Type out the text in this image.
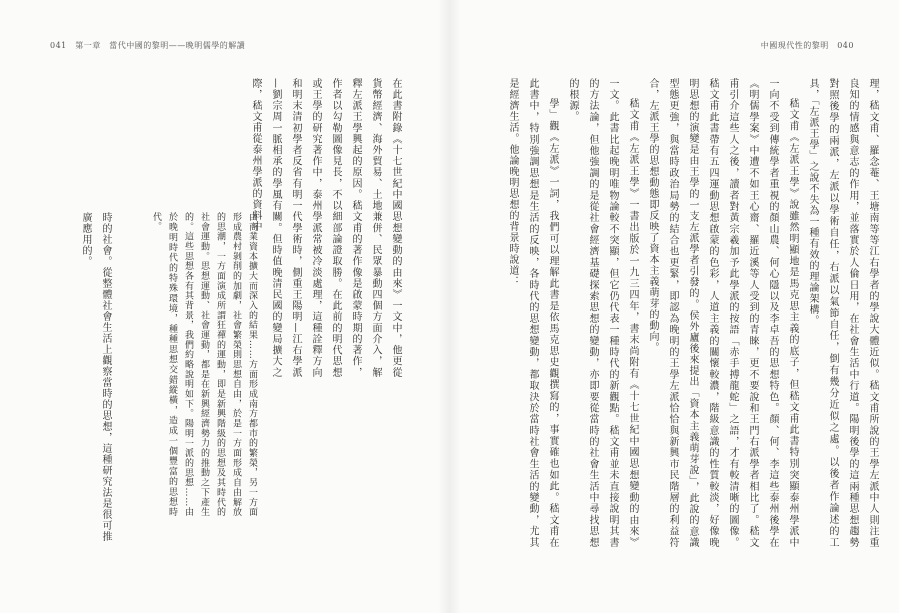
041　第一章　當代中國的黎明——晚明儒學的解讀

在此書附錄《十七世紀中國思想變動的由來》一文中，他更從貨幣經濟、海外貿易、土地兼併、民眾暴動四個方面介入，解釋左派王學興起的原因。嵇文甫的著作像是啟蒙時期的著作，作者以勾勒圖像見長，不以細部論證取勝。在此前的明代思想或王學的研究著作中，泰州學派常被冷淡處理，這種詮釋方向和明末清初學者反省有明一代學術時，側重王陽明—江右學派—劉宗周一脈相承的學風有關。但時值晚清民國的變局擴大之際，嵇文甫從泰州學派的資料中

由商業資本擴大而深入的結果……方面形成南方都市的繁榮，另一方面形成農村剝削的加劇，社會繁榮則思想自由，於是一方面形成自由解放的思潮，一方面演成所謂狂禪的運動，即是新興階級的思想及其時代的社會運動。思想運動、社會運動，都是在新興經濟勢力的推動之下產生的。這些思想各有其背景，我們約略說明如下。陽明一派的思想……由於晚明時代的特殊環境，種種思想交錯縱橫，造成一個豐富的思想時代。

時的社會。從整體社會生活上觀察當時的思想，這種研究法是很可推廣應用的。

中國現代性的黎明　040

理，嵇文甫、羅念菴、王塘南等等江右學者的學說大體近似。嵇文甫所說的王學左派中人則注重良知的情感與意志的作用，並落實於人倫日用，在社會生活中行道。陽明後學的這兩種思想趨勢對照後學的兩派，左派以學術自任，右派以氣節自任，倒有幾分近似之處。以後者作論述的工具，「左派王學」之說不失為一種有效的理論架構。

嵇文甫《左派王學》說雖然明顯地是馬克思主義的底子，但嵇文甫此書特別突顯泰州學派中一向不受到傳統學者重視的顏山農、何心隱以及李卓吾的思想特色。顏、何、李這些泰州後學在《明儒學案》中遭不如王心齋、羅近溪等人受到的青睞，更不要說和王門右派學者相比了。嵇文甫引介這些人之後，讀者對黃宗羲加予此學派的按語「赤手搏龍蛇」之語，才有較清晰的圖像。嵇文甫此書帶有五四運動思想啟蒙的色彩，人道主義的關懷較濃，階級意識的性質較淡，好像晚明思想的演變是由王學的一支左派學者引發的。侯外廬後來提出「資本主義萌芽說」，此說的意識型態更強，與當時政治局勢的結合也更緊，即認為晚明的王學左派恰恰與新興市民階層的利益符合，左派王學的思想動態即反映了資本主義萌芽的動向。

嵇文甫《左派王學》一書出版於一九三四年，書末尚附有《十七世紀中國思想變動的由來》一文。此書比起晚明唯物論較不突顯，但它仍代表一種時代的新觀點。嵇文甫並未直接說明其書的方法論，但他強調的是從社會經濟基礎探索思想的變動，亦即要從當時的社會生活中尋找思想的根源。

學」觀《左派》一詞，我們可以理解此書是依馬克思史觀撰寫的，事實確也如此。嵇文甫在此書中，特別強調思想是生活的反映，各時代的思想變動，都取決於當時社會生活的變動，尤其是經濟生活。他論晚明思想的背景時說道：
